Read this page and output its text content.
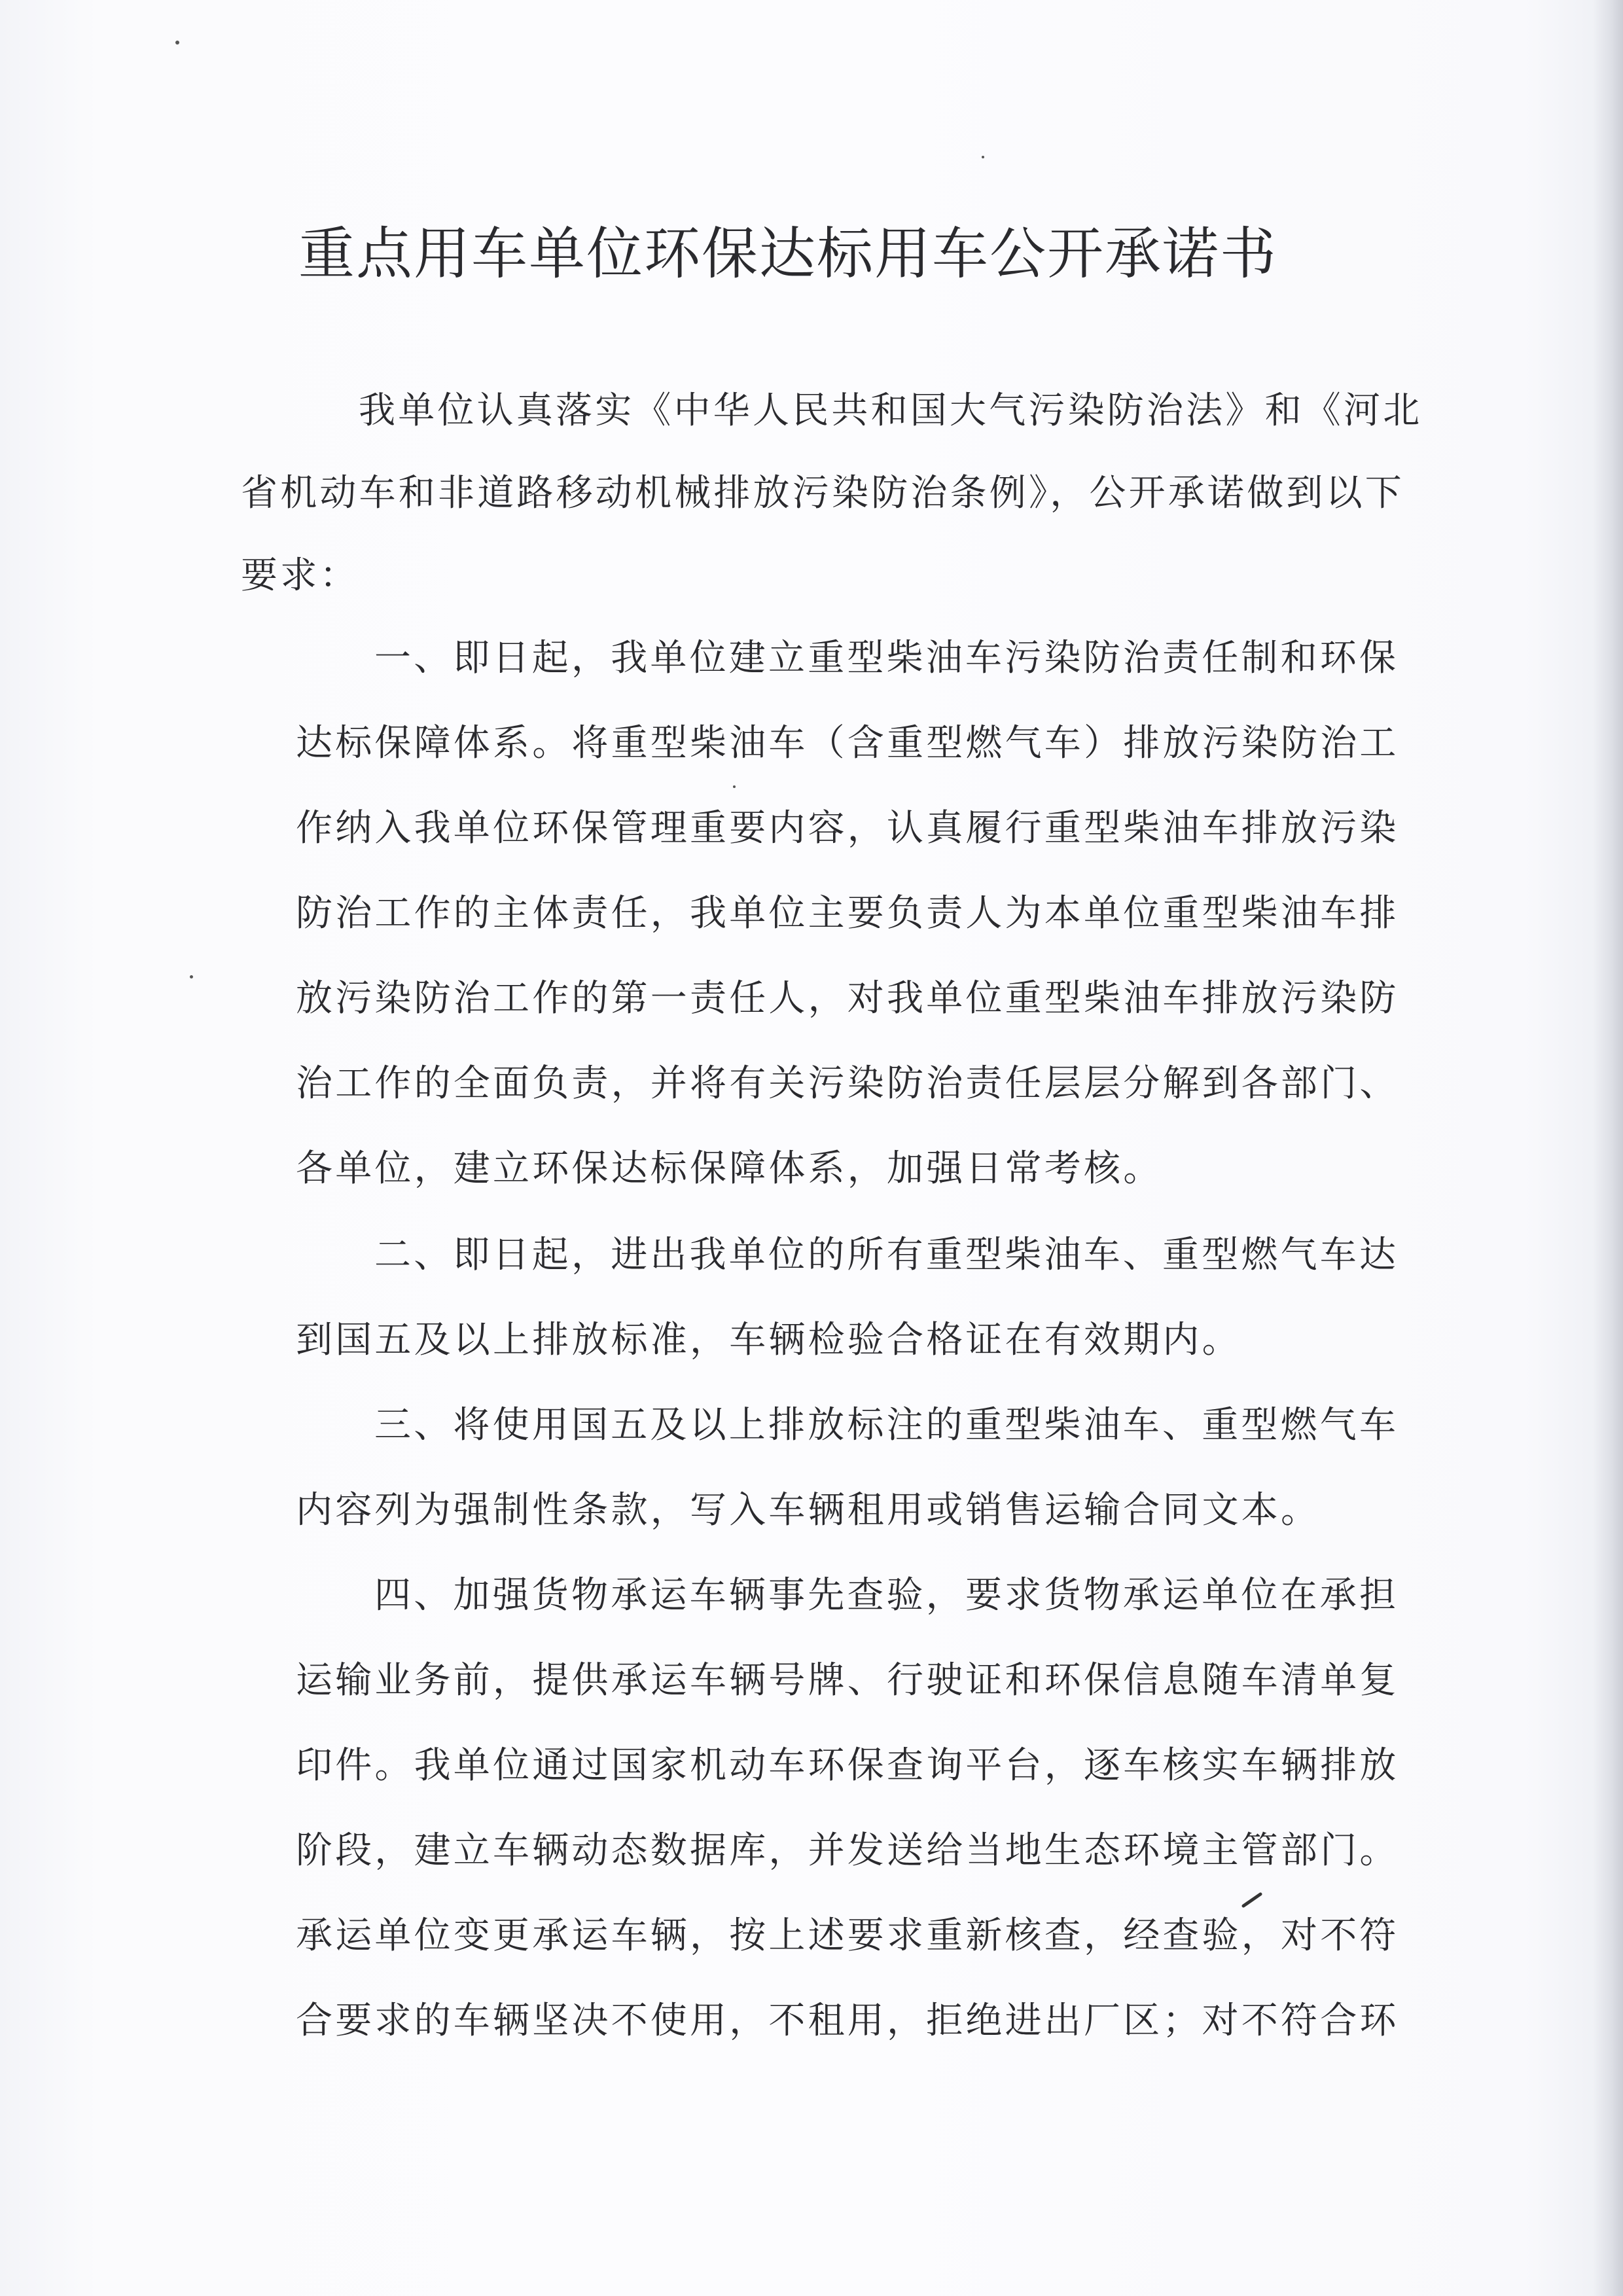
重点用车单位环保达标用车公开承诺书
我单位认真落实《中华人民共和国大气污染防治法》和《河北
省机动车和非道路移动机械排放污染防治条例》，公开承诺做到以下
要求：
一、即日起，我单位建立重型柴油车污染防治责任制和环保
达标保障体系。将重型柴油车（含重型燃气车）排放污染防治工
作纳入我单位环保管理重要内容，认真履行重型柴油车排放污染
防治工作的主体责任，我单位主要负责人为本单位重型柴油车排
放污染防治工作的第一责任人，对我单位重型柴油车排放污染防
治工作的全面负责，并将有关污染防治责任层层分解到各部门、
各单位，建立环保达标保障体系，加强日常考核。
二、即日起，进出我单位的所有重型柴油车、重型燃气车达
到国五及以上排放标准，车辆检验合格证在有效期内。
三、将使用国五及以上排放标注的重型柴油车、重型燃气车
内容列为强制性条款，写入车辆租用或销售运输合同文本。
四、加强货物承运车辆事先查验，要求货物承运单位在承担
运输业务前，提供承运车辆号牌、行驶证和环保信息随车清单复
印件。我单位通过国家机动车环保查询平台，逐车核实车辆排放
阶段，建立车辆动态数据库，并发送给当地生态环境主管部门。
承运单位变更承运车辆，按上述要求重新核查，经查验，对不符
合要求的车辆坚决不使用，不租用，拒绝进出厂区；对不符合环
